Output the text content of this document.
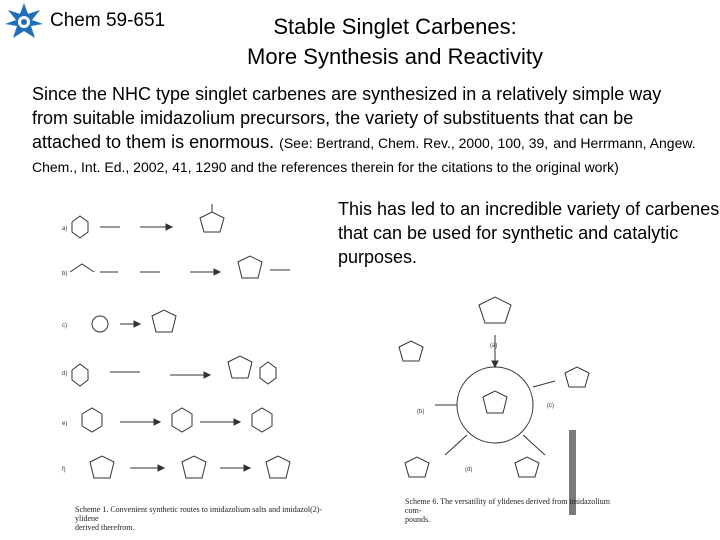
Chem 59-651	Stable Singlet Carbenes:
More Synthesis and Reactivity
Since the NHC type singlet carbenes are synthesized in a relatively simple way from suitable imidazolium precursors, the variety of substituents that can be attached to them is enormous. (See: Bertrand, Chem. Rev., 2000, 100, 39, and Herrmann, Angew. Chem., Int. Ed., 2002, 41, 1290 and the references therein for the citations to the original work)
This has led to an incredible variety of carbenes that can be used for synthetic and catalytic purposes.
a)
b)
c)
d)
e)
f)
Scheme 1. Convenient synthetic routes to imidazolium salts and imidazol(2)-ylidene
derived therefrom.
(a)
(b)
(c)
(d)
Scheme 6. The versatility of ylidenes derived from imidazolium com-
pounds.
